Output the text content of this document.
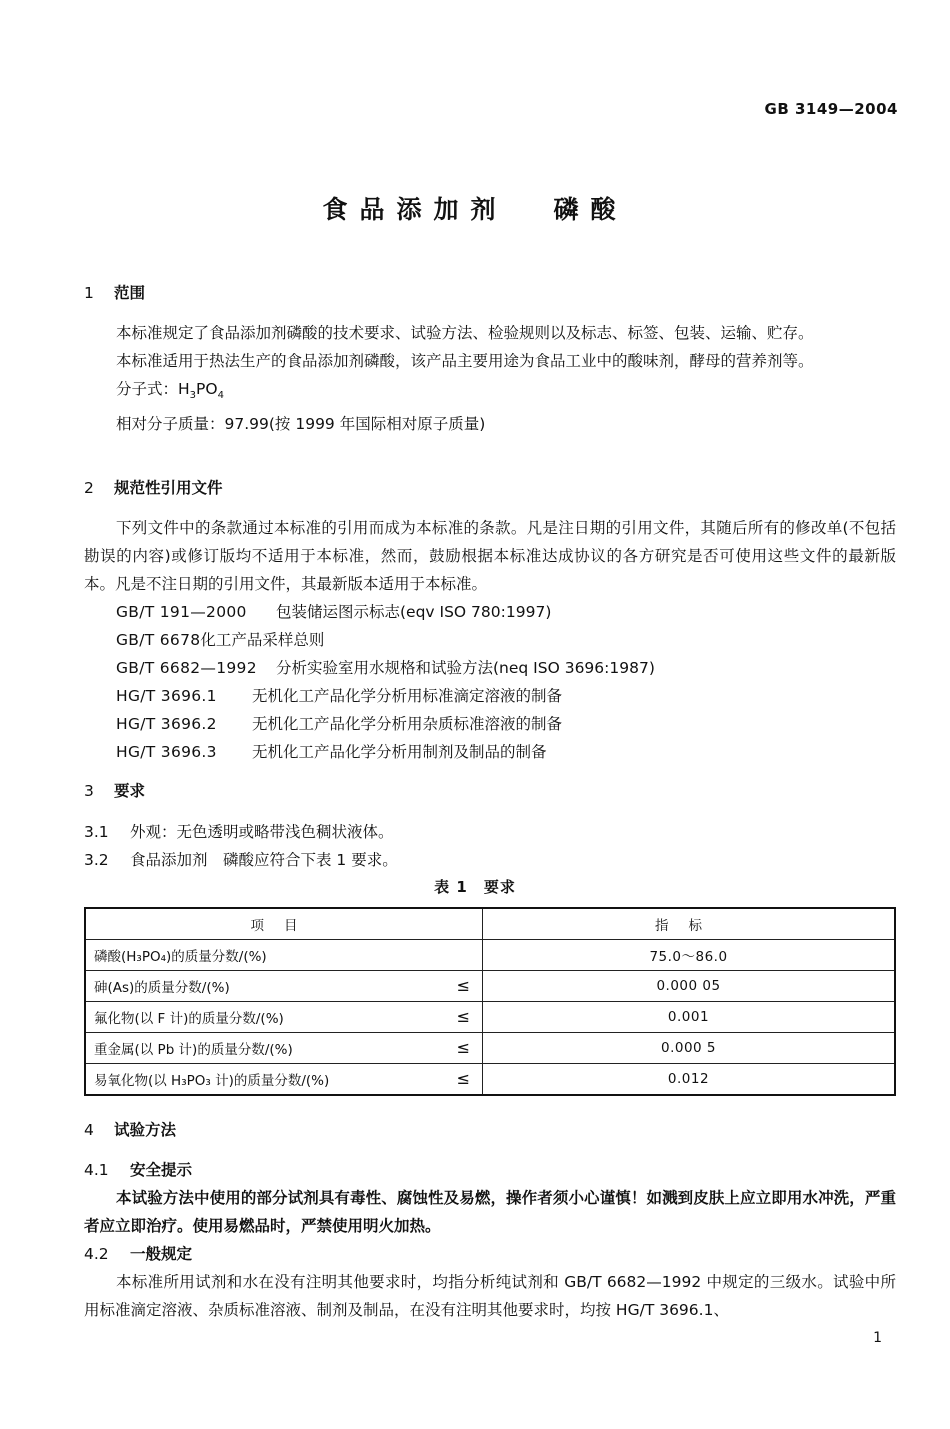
GB 3149—2004
食品添加剂 磷酸
1 范围

本标准规定了食品添加剂磷酸的技术要求、试验方法、检验规则以及标志、标签、包装、运输、贮存。

本标准适用于热法生产的食品添加剂磷酸，该产品主要用途为食品工业中的酸味剂，酵母的营养剂等。

分子式：$H_3PO_4$

相对分子质量：97.99(按 1999 年国际相对原子质量)

2 规范性引用文件

下列文件中的条款通过本标准的引用而成为本标准的条款。凡是注日期的引用文件，其随后所有的修改单(不包括勘误的内容)或修订版均不适用于本标准，然而，鼓励根据本标准达成协议的各方研究是否可使用这些文件的最新版本。凡是不注日期的引用文件，其最新版本适用于本标准。

GB/T 191—2000 包装储运图示标志(eqv ISO 780:1997)

GB/T 6678化工产品采样总则

GB/T 6682—1992 分析实验室用水规格和试验方法(neq ISO 3696:1987)

HG/T 3696.1 无机化工产品化学分析用标准滴定溶液的制备

HG/T 3696.2 无机化工产品化学分析用杂质标准溶液的制备

HG/T 3696.3 无机化工产品化学分析用制剂及制品的制备

3 要求
3.1 外观：无色透明或略带浅色稠状液体。
3.2 食品添加剂　磷酸应符合下表 1 要求。
表 1　要求
项目	指标
磷酸(H₃PO₄)的质量分数/(%)	75.0～86.0
砷(As)的质量分数/(%) ≤	0.000 05
氟化物(以 F 计)的质量分数/(%) ≤	0.001
重金属(以 Pb 计)的质量分数/(%) ≤	0.000 5
易氧化物(以 H₃PO₃ 计)的质量分数/(%) ≤	0.012
4 试验方法
4.1 安全提示

本试验方法中使用的部分试剂具有毒性、腐蚀性及易燃，操作者须小心谨慎！如溅到皮肤上应立即用水冲洗，严重者应立即治疗。使用易燃品时，严禁使用明火加热。

4.2 一般规定

本标准所用试剂和水在没有注明其他要求时，均指分析纯试剂和 GB/T 6682—1992 中规定的三级水。试验中所用标准滴定溶液、杂质标准溶液、制剂及制品，在没有注明其他要求时，均按 HG/T 3696.1、

1
